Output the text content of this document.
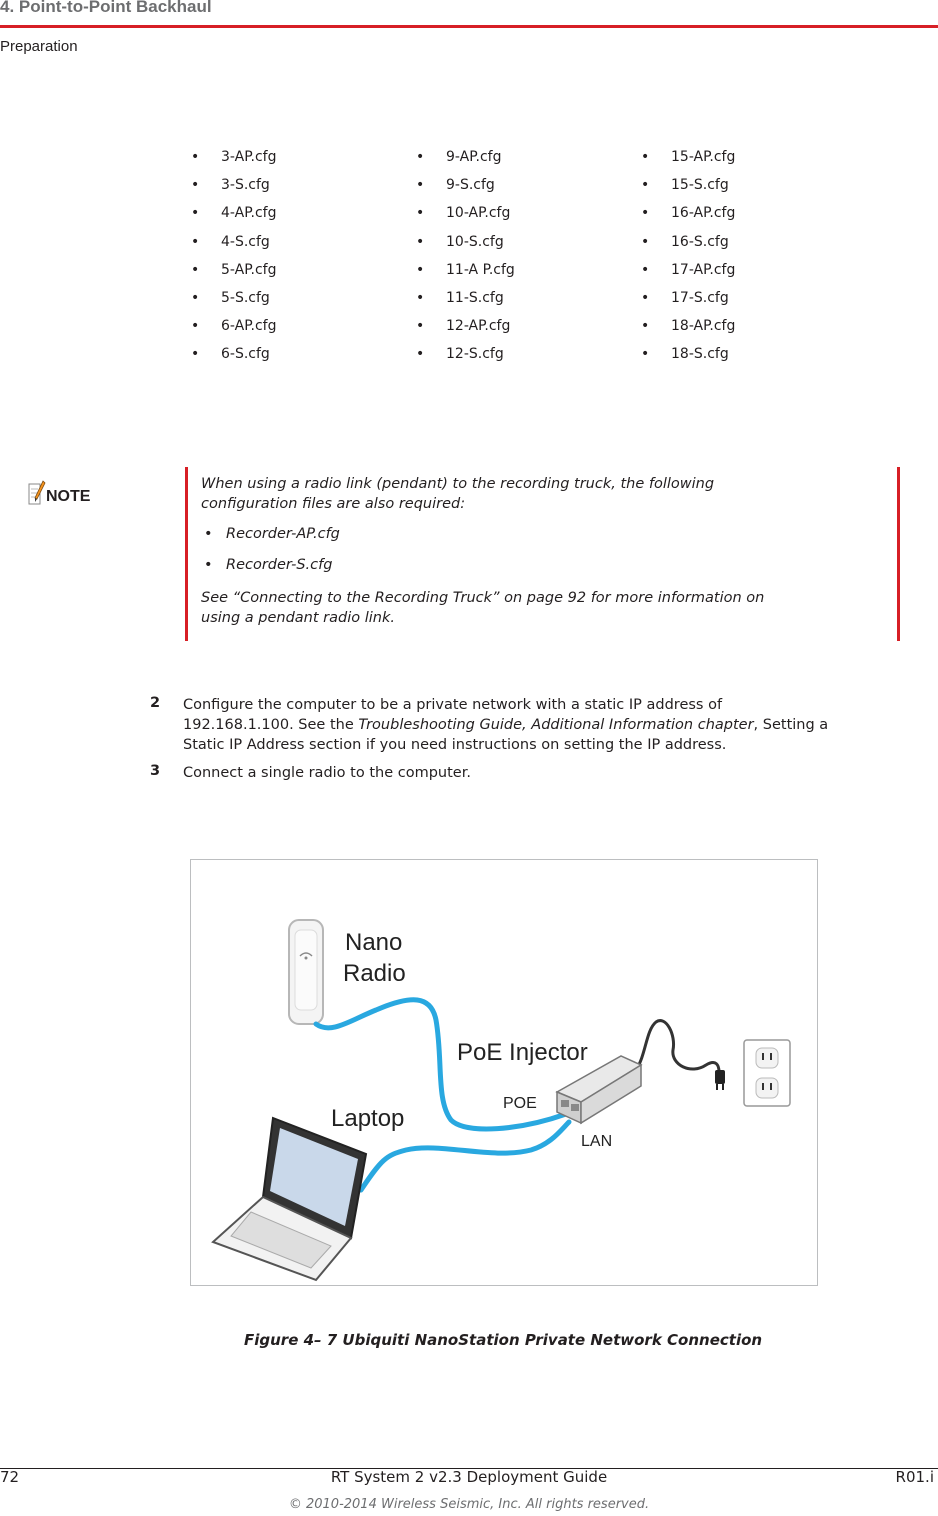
4. Point-to-Point Backhaul
Preparation
• 3-AP.cfg
• 3-S.cfg
• 4-AP.cfg
• 4-S.cfg
• 5-AP.cfg
• 5-S.cfg
• 6-AP.cfg
• 6-S.cfg
• 9-AP.cfg
• 9-S.cfg
• 10-AP.cfg
• 10-S.cfg
• 11-A P.cfg
• 11-S.cfg
• 12-AP.cfg
• 12-S.cfg
• 15-AP.cfg
• 15-S.cfg
• 16-AP.cfg
• 16-S.cfg
• 17-AP.cfg
• 17-S.cfg
• 18-AP.cfg
• 18-S.cfg
NOTE
When using a radio link (pendant) to the recording truck, the following
configuration files are also required:
• Recorder-AP.cfg
• Recorder-S.cfg
See “Connecting to the Recording Truck” on page 92 for more information on
using a pendant radio link.
2 Configure the computer to be a private network with a static IP address of
192.168.1.100. See the Troubleshooting Guide, Additional Information chapter, Setting a
Static IP Address section if you need instructions on setting the IP address.
3 Connect a single radio to the computer.
Nano
Radio
PoE Injector
POE
LAN
Laptop
Figure 4– 7 Ubiquiti NanoStation Private Network Connection
72	RT System 2 v2.3 Deployment Guide	R01.i
© 2010-2014 Wireless Seismic, Inc. All rights reserved.
